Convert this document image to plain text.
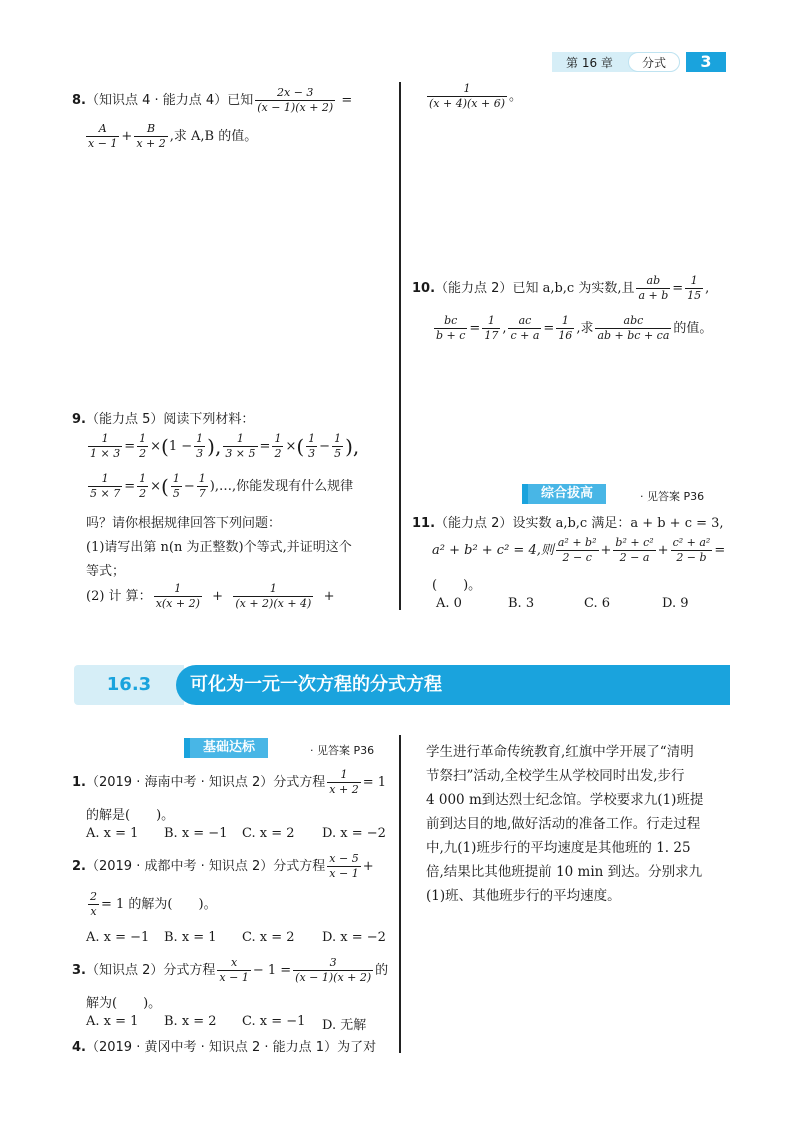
第 16 章 分式	3
8.（知识点 4 · 能力点 4）已知 $\frac{2x - 3}{(x - 1)(x + 2)}$ =
$\frac{A}{x - 1} + \frac{B}{x + 2}$ ,求 A,B 的值。
$\frac{1}{(x + 4)(x + 6)}$ 。
10.（能力点 2）已知 a,b,c 为实数,且 $\frac{ab}{a + b} = \frac{1}{15}$ ,
$\frac{bc}{b + c} = \frac{1}{17}$ , $\frac{ac}{c + a} = \frac{1}{16}$ ,求 $\frac{\text{abc}}{ab + bc + ca}$ 的值。
9.（能力点 5）阅读下列材料：
$\frac{1}{1 \times 3} = \frac{1}{2} \times(1 - \frac{1}{3}$ ), $\frac{1}{3 \times 5} = \frac{1}{2}$ ×( $\frac{1}{3} - \frac{1}{5}$ ),
$\frac{1}{5 \times 7} = \frac{1}{2}$ ×( $\frac{1}{5} - \frac{1}{7}$ ),…,你能发现有什么规律
吗？请你根据规律回答下列问题：
(1)请写出第 n(n 为正整数)个等式,并证明这个
等式；
(2) 计 算： $\frac{1}{x(x + 2)} + \frac{1}{(x + 2)(x + 4)}$ +
综合拔高	· 见答案 P36
11.（能力点 2）设实数 a,b,c 满足：a + b + c = 3,
a² + b² + c² = 4,则 $\frac{\text{a² + b²}}{2 - c} + \frac{\text{b² + c²}}{2 - a} + \frac{\text{c² + a²}}{2 - b}$ =
(　　)。
A. 0	B. 3	C. 6	D. 9
16.3	可化为一元一次方程的分式方程
基础达标	· 见答案 P36
1.（2019 · 海南中考 · 知识点 2）分式方程 $\frac{1}{x + 2} = 1$
的解是(　　)。
A. x = 1 B. x = −1 C. x = 2 D. x = −2
2.（2019 · 成都中考 · 知识点 2）分式方程 $\frac{x - 5}{x - 1}$ +
$\frac{2}{x} = 1$ 的解为(　　)。
A. x = −1 B. x = 1 C. x = 2 D. x = −2
3.（知识点 2）分式方程 $\frac{x}{x - 1} - 1 = \frac{3}{(x - 1)(x + 2)}$ 的
解为(　　)。
A. x = 1 B. x = 2 C. x = −1 D. 无解
4.（2019 · 黄冈中考 · 知识点 2 · 能力点 1）为了对
学生进行革命传统教育,红旗中学开展了“清明
节祭扫”活动,全校学生从学校同时出发,步行
4 000 m到达烈士纪念馆。学校要求九(1)班提
前到达目的地,做好活动的准备工作。行走过程
中,九(1)班步行的平均速度是其他班的 1. 25
倍,结果比其他班提前 10 min 到达。分别求九
(1)班、其他班步行的平均速度。
